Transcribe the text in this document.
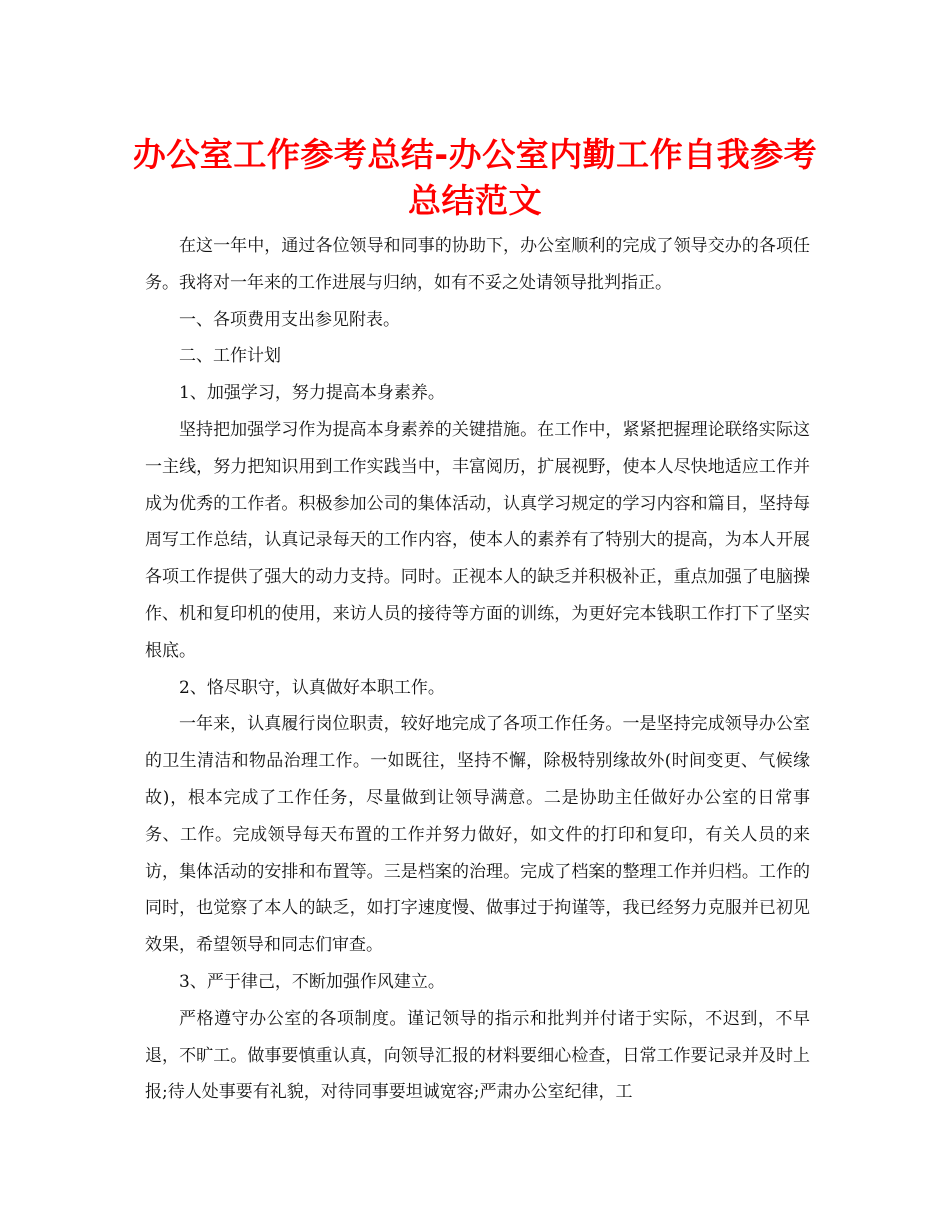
办公室工作参考总结-办公室内勤工作自我参考总结范文

在这一年中，通过各位领导和同事的协助下，办公室顺利的完成了领导交办的各项任务。我将对一年来的工作进展与归纳，如有不妥之处请领导批判指正。

一、各项费用支出参见附表。

二、工作计划

1、加强学习，努力提高本身素养。

坚持把加强学习作为提高本身素养的关键措施。在工作中，紧紧把握理论联络实际这一主线，努力把知识用到工作实践当中，丰富阅历，扩展视野，使本人尽快地适应工作并成为优秀的工作者。积极参加公司的集体活动，认真学习规定的学习内容和篇目，坚持每周写工作总结，认真记录每天的工作内容，使本人的素养有了特别大的提高，为本人开展各项工作提供了强大的动力支持。同时。正视本人的缺乏并积极补正，重点加强了电脑操作、机和复印机的使用，来访人员的接待等方面的训练，为更好完本钱职工作打下了坚实根底。

2、恪尽职守，认真做好本职工作。

一年来，认真履行岗位职责，较好地完成了各项工作任务。一是坚持完成领导办公室的卫生清洁和物品治理工作。一如既往，坚持不懈，除极特别缘故外(时间变更、气候缘故)，根本完成了工作任务，尽量做到让领导满意。二是协助主任做好办公室的日常事务、工作。完成领导每天布置的工作并努力做好，如文件的打印和复印，有关人员的来访，集体活动的安排和布置等。三是档案的治理。完成了档案的整理工作并归档。工作的同时，也觉察了本人的缺乏，如打字速度慢、做事过于拘谨等，我已经努力克服并已初见效果，希望领导和同志们审查。

3、严于律己，不断加强作风建立。

严格遵守办公室的各项制度。谨记领导的指示和批判并付诸于实际，不迟到，不早退，不旷工。做事要慎重认真，向领导汇报的材料要细心检查，日常工作要记录并及时上报;待人处事要有礼貌，对待同事要坦诚宽容;严肃办公室纪律，工
